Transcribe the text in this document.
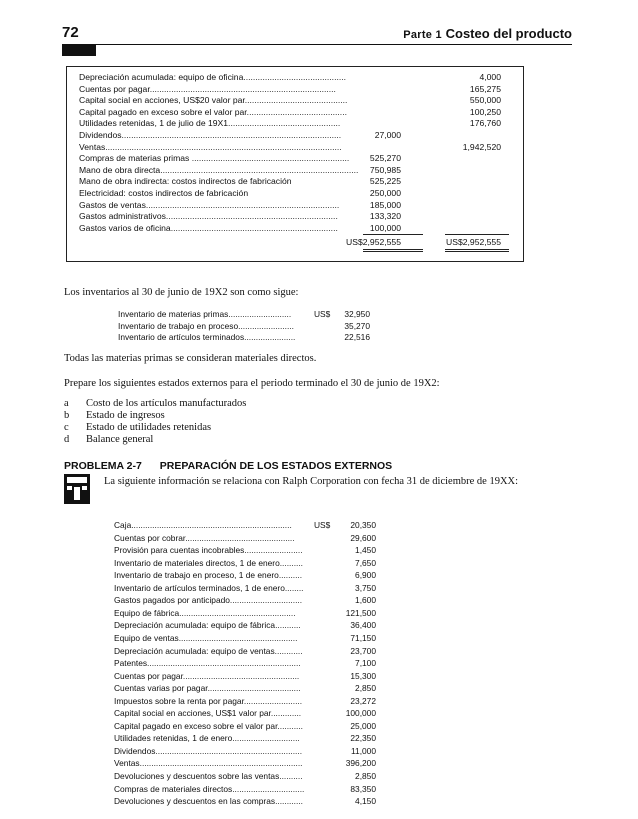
72	Parte 1 Costeo del producto
Depreciación acumulada: equipo de oficina...........................................	4,000
Cuentas por pagar..............................................................................	165,275
Capital social en acciones, US$20 valor par...........................................	550,000
Capital pagado en exceso sobre el valor par..........................................	100,250
Utilidades retenidas, 1 de julio de 19X1...............................................	176,760
Dividendos............................................................................................	27,000
Ventas...................................................................................................	1,942,520
Compras de materias primas .................................................................. 525,270
Mano de obra directa................................................................................... 750,985
Mano de obra indirecta: costos indirectos de fabricación	525,225
Electricidad: costos indirectos de fabricación	250,000
Gastos de ventas.................................................................................	185,000
Gastos administrativos........................................................................	133,320
Gastos varios de oficina......................................................................	100,000
US$2,952,555	US$2,952,555
Los inventarios al 30 de junio de 19X2 son como sigue:
Inventario de materias primas...........................	US$ 32,950
Inventario de trabajo en proceso........................	35,270
Inventario de artículos terminados......................	22,516
Todas las materias primas se consideran materiales directos.
Prepare los siguientes estados externos para el periodo terminado el 30 de junio de 19X2:
a Costo de los artículos manufacturados
b Estado de ingresos
c Estado de utilidades retenidas
d Balance general
PROBLEMA 2-7 PREPARACIÓN DE LOS ESTADOS EXTERNOS
La siguiente información se relaciona con Ralph Corporation con fecha 31 de diciembre de 19XX:
Caja.....................................................................	US$ 20,350
Cuentas por cobrar...............................................	29,600
Provisión para cuentas incobrables.........................	1,450
Inventario de materiales directos, 1 de enero..........	7,650
Inventario de trabajo en proceso, 1 de enero..........	6,900
Inventario de artículos terminados, 1 de enero........	3,750
Gastos pagados por anticipado...............................	1,600
Equipo de fábrica..................................................	121,500
Depreciación acumulada: equipo de fábrica...........	36,400
Equipo de ventas...................................................	71,150
Depreciación acumulada: equipo de ventas............	23,700
Patentes..................................................................	7,100
Cuentas por pagar..................................................	15,300
Cuentas varias por pagar........................................	2,850
Impuestos sobre la renta por pagar.........................	23,272
Capital social en acciones, US$1 valor par.............	100,000
Capital pagado en exceso sobre el valor par...........	25,000
Utilidades retenidas, 1 de enero.............................	22,350
Dividendos...............................................................	11,000
Ventas......................................................................	396,200
Devoluciones y descuentos sobre las ventas..........	2,850
Compras de materiales directos...............................	83,350
Devoluciones y descuentos en las compras............	4,150
